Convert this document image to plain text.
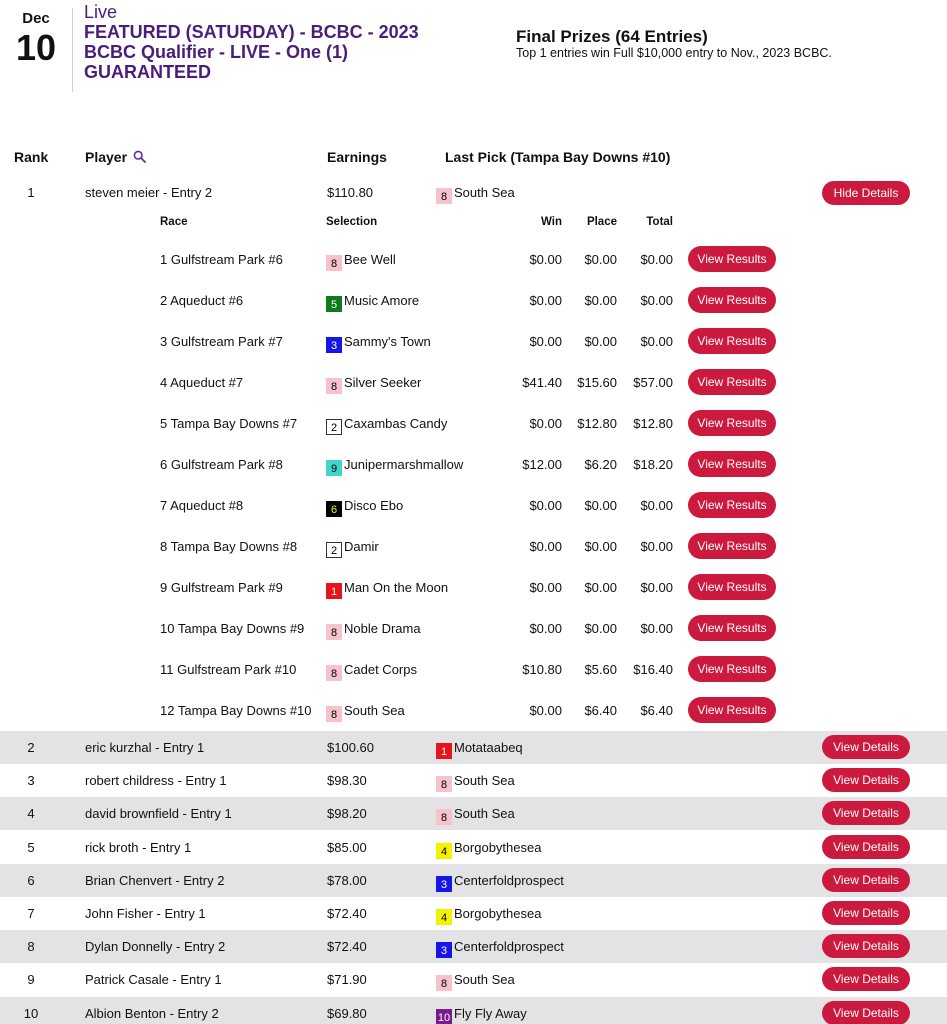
Dec
10
Live
FEATURED (SATURDAY) - BCBC - 2023
BCBC Qualifier - LIVE - One (1)
GUARANTEED
Final Prizes (64 Entries)
Top 1 entries win Full $10,000 entry to Nov., 2023 BCBC.
Rank	Player	Earnings	Last Pick (Tampa Bay Downs #10)
1	steven meier - Entry 2	$110.80	8 South Sea	Hide Details
Race	Selection	Win	Place	Total
1 Gulfstream Park #6	8 Bee Well	$0.00	$0.00	$0.00	View Results
2 Aqueduct #6	5 Music Amore	$0.00	$0.00	$0.00	View Results
3 Gulfstream Park #7	3 Sammy's Town	$0.00	$0.00	$0.00	View Results
4 Aqueduct #7	8 Silver Seeker	$41.40	$15.60	$57.00	View Results
5 Tampa Bay Downs #7	2 Caxambas Candy	$0.00	$12.80	$12.80	View Results
6 Gulfstream Park #8	9 Junipermarshmallow	$12.00	$6.20	$18.20	View Results
7 Aqueduct #8	6 Disco Ebo	$0.00	$0.00	$0.00	View Results
8 Tampa Bay Downs #8	2 Damir	$0.00	$0.00	$0.00	View Results
9 Gulfstream Park #9	1 Man On the Moon	$0.00	$0.00	$0.00	View Results
10 Tampa Bay Downs #9	8 Noble Drama	$0.00	$0.00	$0.00	View Results
11 Gulfstream Park #10	8 Cadet Corps	$10.80	$5.60	$16.40	View Results
12 Tampa Bay Downs #10	8 South Sea	$0.00	$6.40	$6.40	View Results
2	eric kurzhal - Entry 1	$100.60	1 Motataabeq	View Details
3	robert childress - Entry 1	$98.30	8 South Sea	View Details
4	david brownfield - Entry 1	$98.20	8 South Sea	View Details
5	rick broth - Entry 1	$85.00	4 Borgobythesea	View Details
6	Brian Chenvert - Entry 2	$78.00	3 Centerfoldprospect	View Details
7	John Fisher - Entry 1	$72.40	4 Borgobythesea	View Details
8	Dylan Donnelly - Entry 2	$72.40	3 Centerfoldprospect	View Details
9	Patrick Casale - Entry 1	$71.90	8 South Sea	View Details
10	Albion Benton - Entry 2	$69.80	10 Fly Fly Away	View Details
